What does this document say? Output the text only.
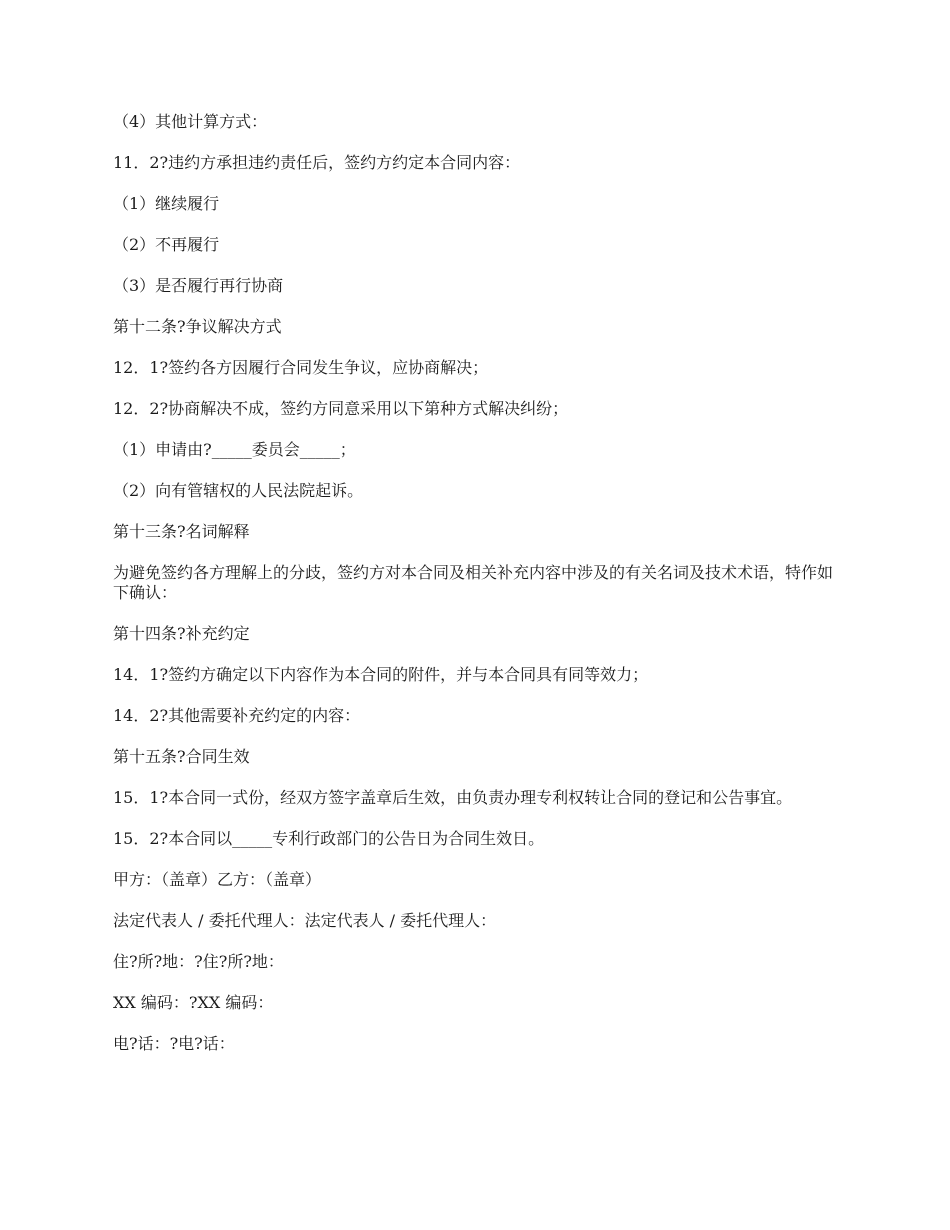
（4）其他计算方式：

11．2?违约方承担违约责任后，签约方约定本合同内容：

（1）继续履行

（2）不再履行

（3）是否履行再行协商

第十二条?争议解决方式

12．1?签约各方因履行合同发生争议，应协商解决；

12．2?协商解决不成，签约方同意采用以下第种方式解决纠纷；

（1）申请由?_____委员会_____；

（2）向有管辖权的人民法院起诉。

第十三条?名词解释

为避免签约各方理解上的分歧，签约方对本合同及相关补充内容中涉及的有关名词及技术术语，特作如下确认：

第十四条?补充约定

14．1?签约方确定以下内容作为本合同的附件，并与本合同具有同等效力；

14．2?其他需要补充约定的内容：

第十五条?合同生效

15．1?本合同一式份，经双方签字盖章后生效，由负责办理专利权转让合同的登记和公告事宜。

15．2?本合同以_____专利行政部门的公告日为合同生效日。

甲方：（盖章）乙方：（盖章）

法定代表人 / 委托代理人：法定代表人 / 委托代理人：

住?所?地：?住?所?地：

XX 编码：?XX 编码：

电?话：?电?话：
